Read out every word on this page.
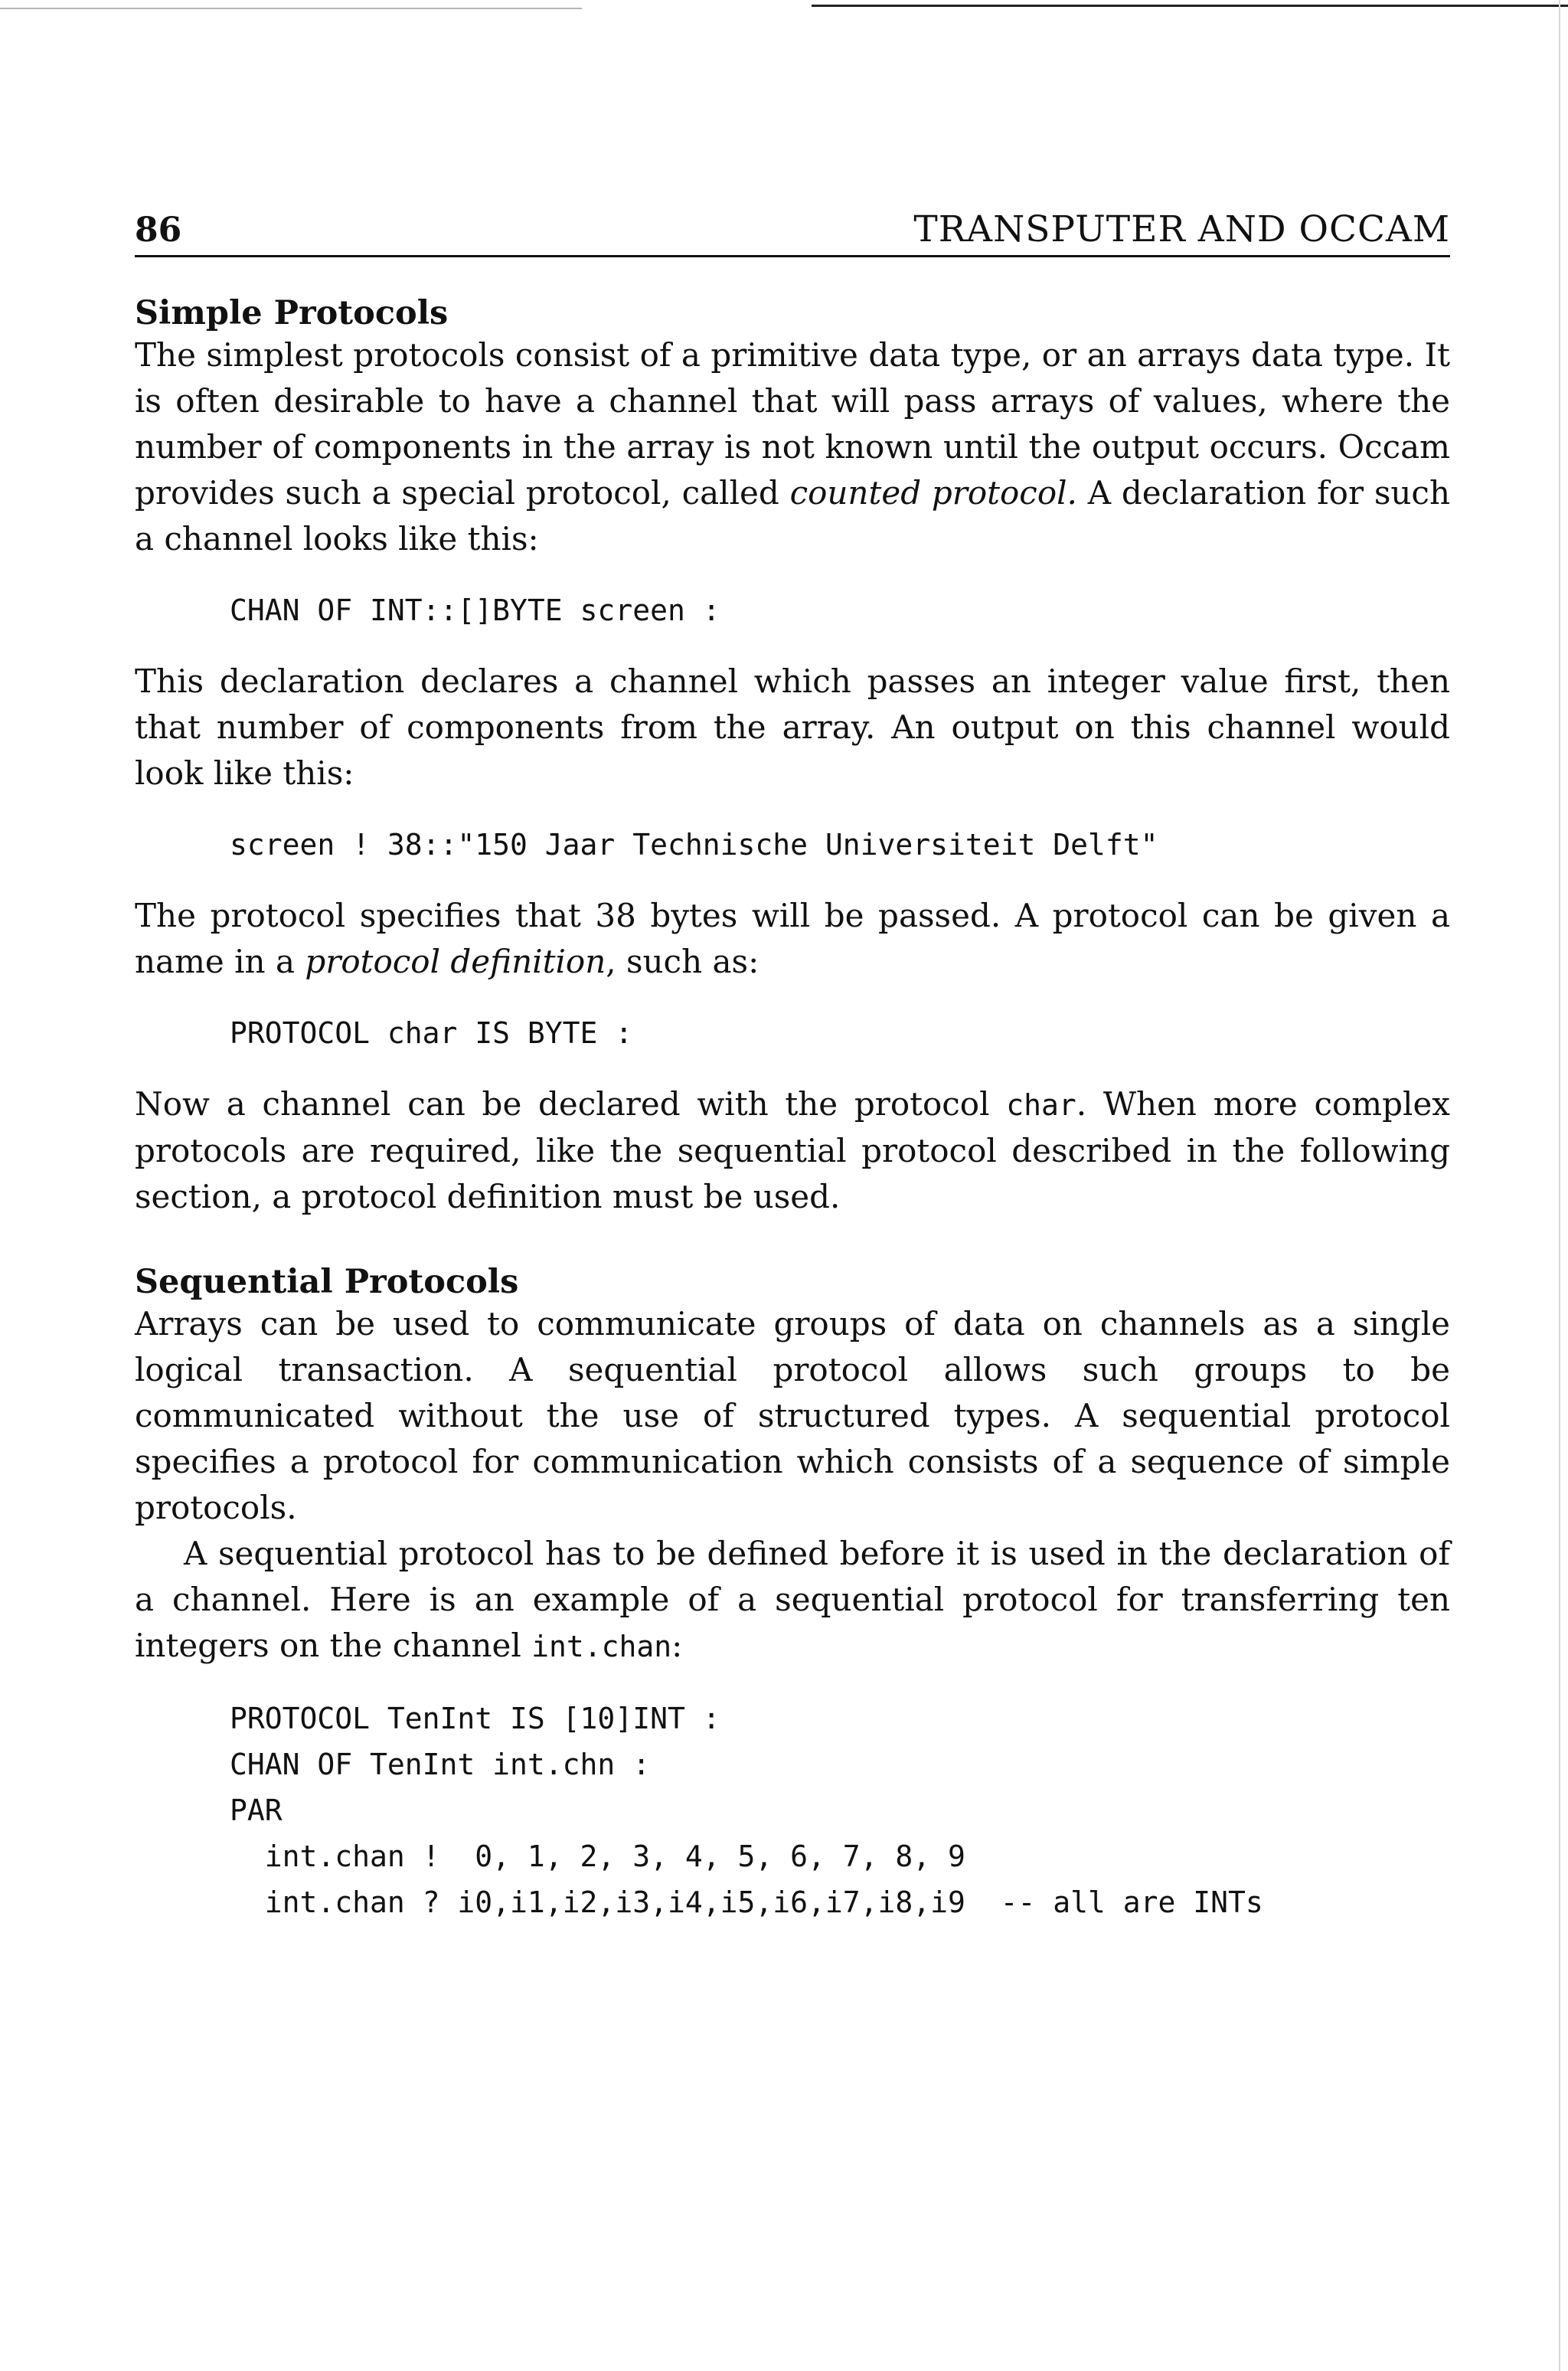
86	TRANSPUTER AND OCCAM
Simple Protocols

The simplest protocols consist of a primitive data type, or an arrays data type. It is often desirable to have a channel that will pass arrays of values, where the number of components in the array is not known until the output occurs. Occam provides such a special protocol, called counted protocol. A declaration for such a channel looks like this:

CHAN OF INT::[]BYTE screen :

This declaration declares a channel which passes an integer value first, then that number of components from the array. An output on this channel would look like this:

screen ! 38::"150 Jaar Technische Universiteit Delft"

The protocol specifies that 38 bytes will be passed. A protocol can be given a name in a protocol definition, such as:

PROTOCOL char IS BYTE :

Now a channel can be declared with the protocol char. When more complex protocols are required, like the sequential protocol described in the following section, a protocol definition must be used.

Sequential Protocols

Arrays can be used to communicate groups of data on channels as a single logical transaction. A sequential protocol allows such groups to be communicated without the use of structured types. A sequential protocol specifies a protocol for communication which consists of a sequence of simple protocols.

A sequential protocol has to be defined before it is used in the declaration of a channel. Here is an example of a sequential protocol for transferring ten integers on the channel int.chan:

PROTOCOL TenInt IS [10]INT :
CHAN OF TenInt int.chn :
PAR
int.chan !  0, 1, 2, 3, 4, 5, 6, 7, 8, 9
int.chan ? i0,i1,i2,i3,i4,i5,i6,i7,i8,i9  -- all are INTs
